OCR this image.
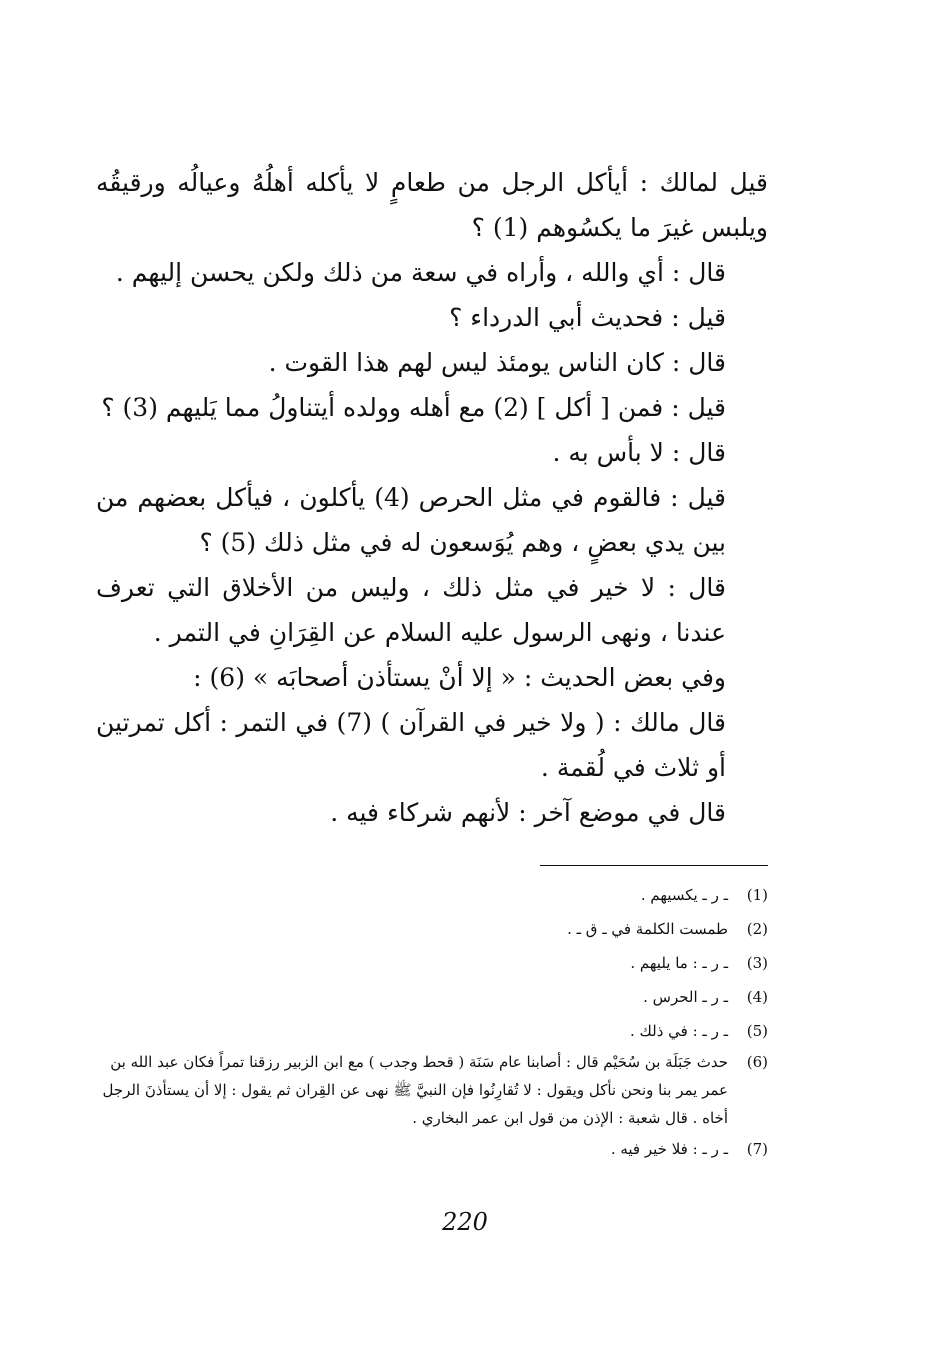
قيل لمالك : أيأكل الرجل من طعامٍ لا يأكله أهلُهُ وعيالُه ورقيقُه ويلبس غيرَ ما يكسُوهم (1) ؟

قال : أي والله ، وأراه في سعة من ذلك ولكن يحسن إليهم .

قيل : فحديث أبي الدرداء ؟

قال : كان الناس يومئذ ليس لهم هذا القوت .

قيل : فمن [ أكل ] (2) مع أهله وولده أيتناولُ مما يَليهم (3) ؟

قال : لا بأس به .

قيل : فالقوم في مثل الحرص (4) يأكلون ، فيأكل بعضهم من بين يدي بعضٍ ، وهم يُوَسعون له في مثل ذلك (5) ؟

قال : لا خير في مثل ذلك ، وليس من الأخلاق التي تعرف عندنا ، ونهى الرسول عليه السلام عن القِرَانِ في التمر .

وفي بعض الحديث : « إلا أنْ يستأذن أصحابَه » (6) :

قال مالك : ( ولا خير في القرآن ) (7) في التمر : أكل تمرتين أو ثلاث في لُقمة .

قال في موضع آخر : لأنهم شركاء فيه .

(1)
ـ ر ـ يكسيهم .

(2)
طمست الكلمة في ـ ق ـ .

(3)
ـ ر ـ : ما يليهم .

(4)
ـ ر ـ الحرس .

(5)
ـ ر ـ : في ذلك .

(6)
حدث جَبَلَة بن سُحَيْم قال : أصابنا عام سَنَة ( قحط وجدب ) مع ابن الزبير رزقنا تمراً فكان عبد الله بن عمر يمر بنا ونحن نأكل ويقول : لا تُقارِنُوا فإن النبيَّ ﷺ نهى عن القِران ثم يقول : إلا أن يستأذنَ الرجل أخاه . قال شعبة : الإذن من قول ابن عمر البخاري .

(7)
ـ ر ـ : فلا خير فيه .

220
